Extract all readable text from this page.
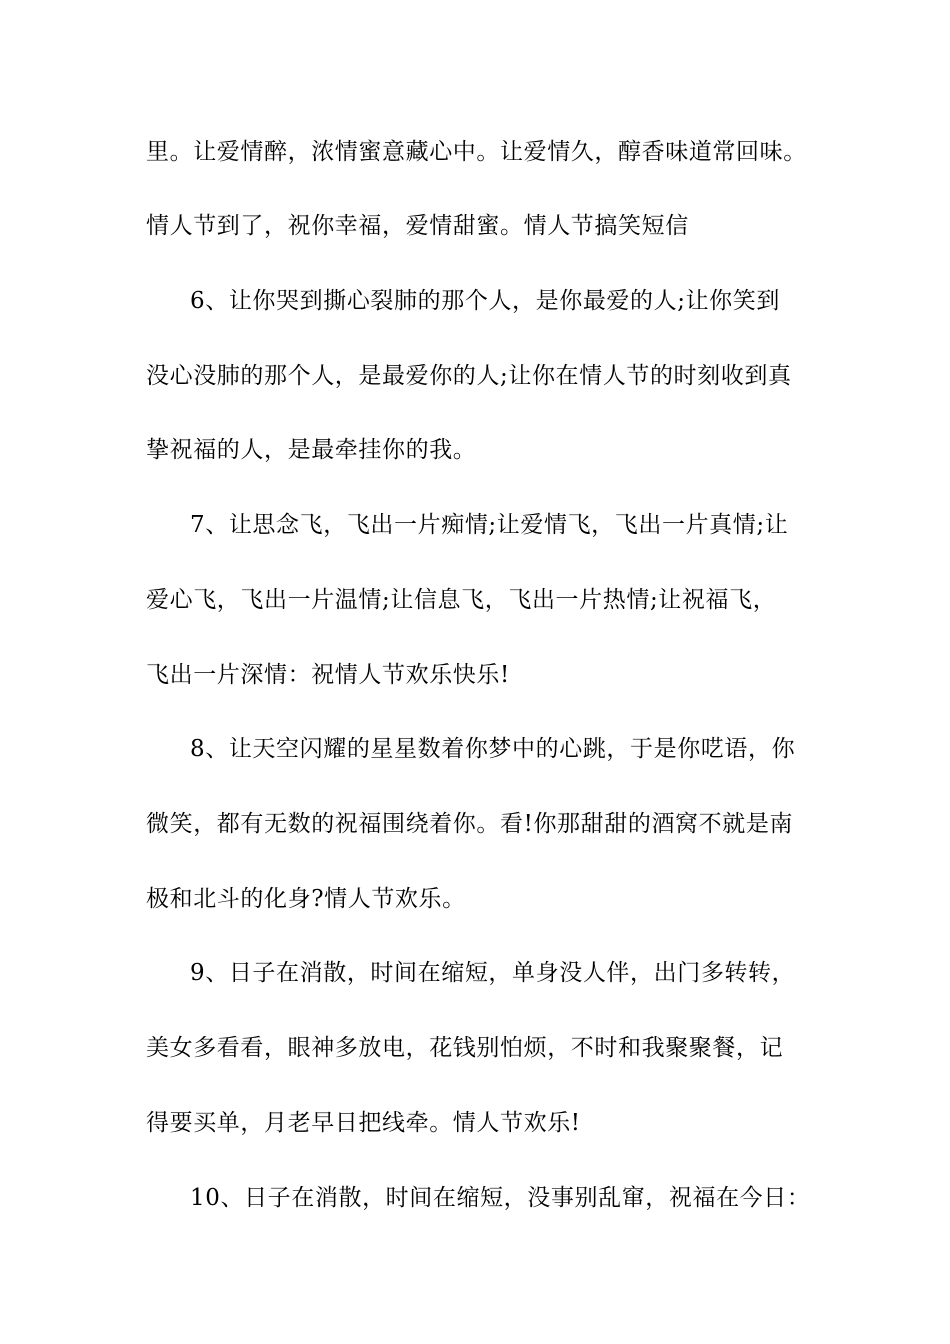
里。让爱情醉，浓情蜜意藏心中。让爱情久，醇香味道常回味。
情人节到了，祝你幸福，爱情甜蜜。情人节搞笑短信
6、让你哭到撕心裂肺的那个人，是你最爱的人;让你笑到
没心没肺的那个人，是最爱你的人;让你在情人节的时刻收到真
挚祝福的人，是最牵挂你的我。
7、让思念飞，飞出一片痴情;让爱情飞，飞出一片真情;让
爱心飞，飞出一片温情;让信息飞，飞出一片热情;让祝福飞，
飞出一片深情：祝情人节欢乐快乐!
8、让天空闪耀的星星数着你梦中的心跳，于是你呓语，你
微笑，都有无数的祝福围绕着你。看!你那甜甜的酒窝不就是南
极和北斗的化身?情人节欢乐。
9、日子在消散，时间在缩短，单身没人伴，出门多转转，
美女多看看，眼神多放电，花钱别怕烦，不时和我聚聚餐，记
得要买单，月老早日把线牵。情人节欢乐!
10、日子在消散，时间在缩短，没事别乱窜，祝福在今日：
